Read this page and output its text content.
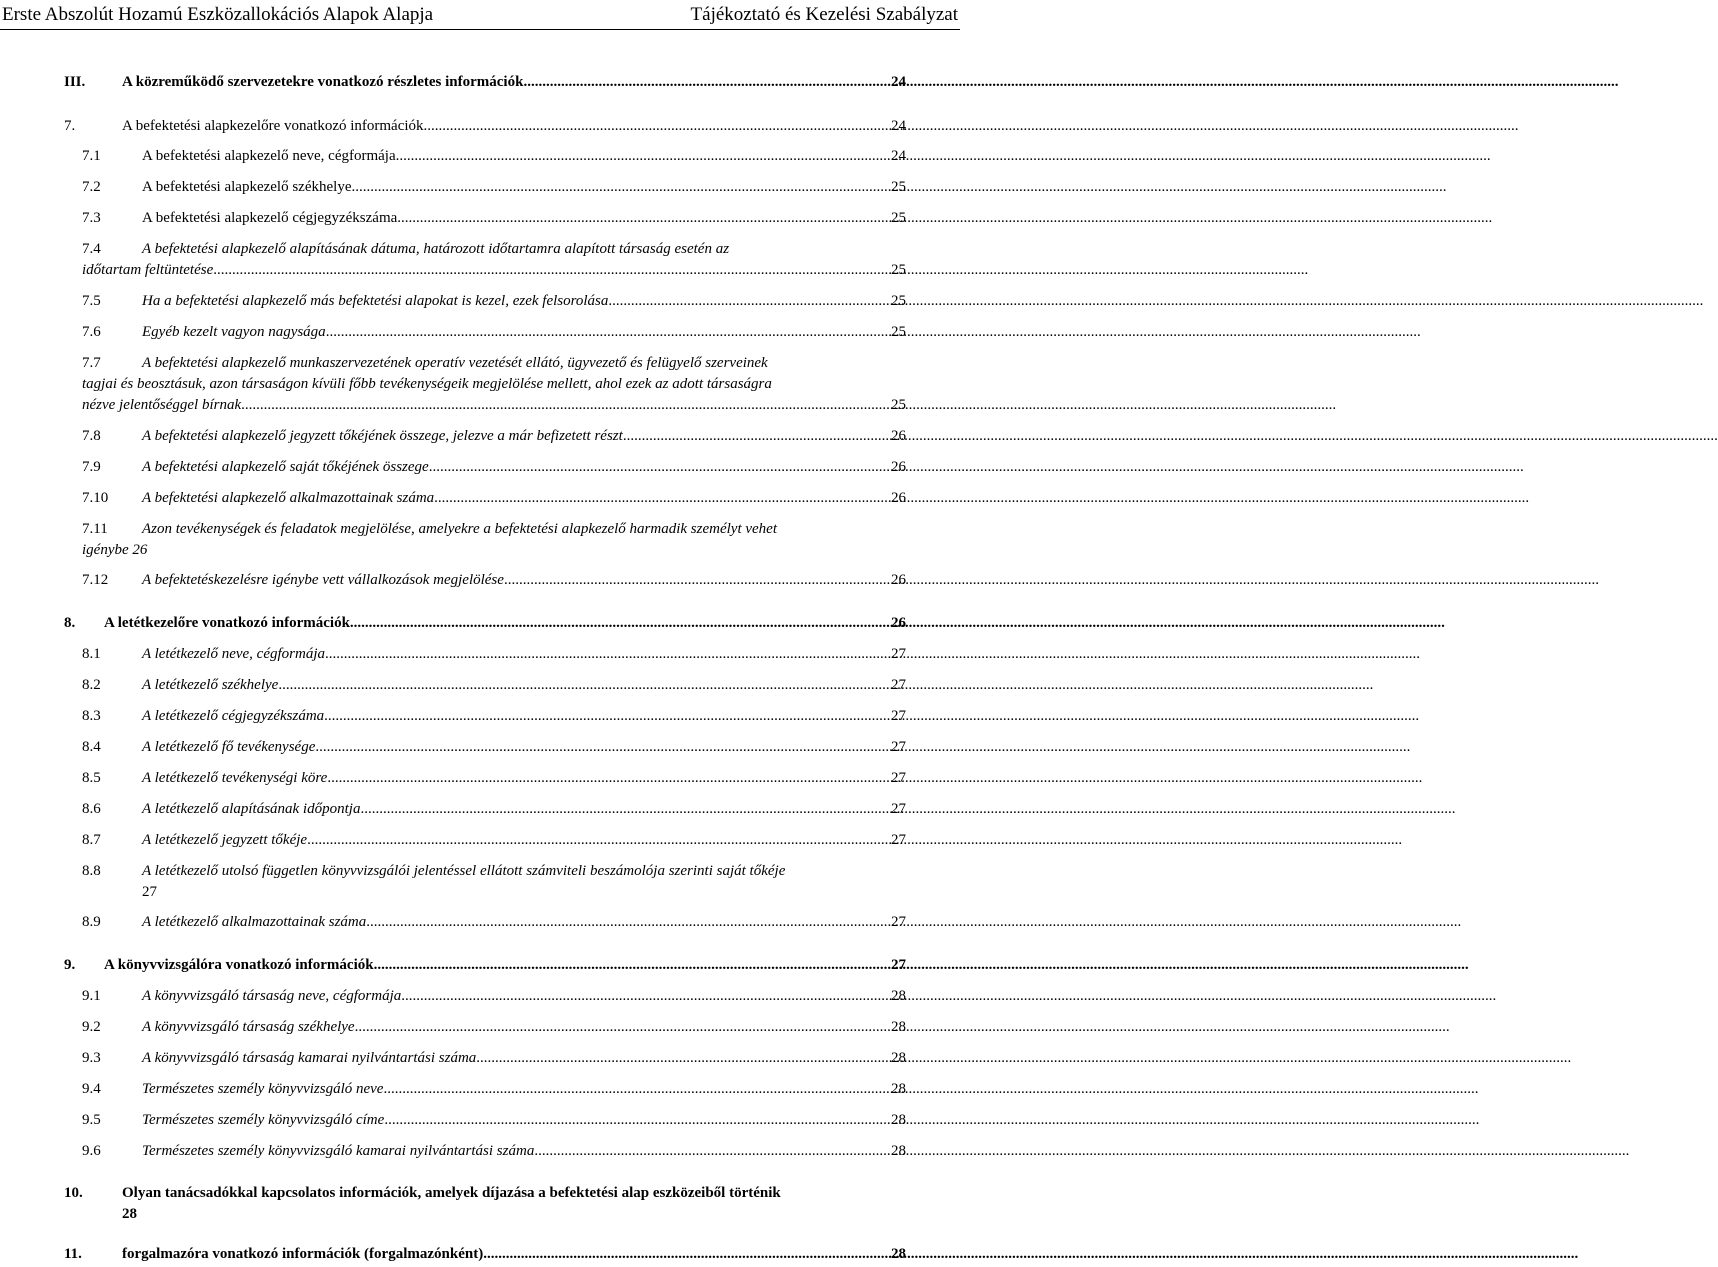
Erste Abszolút Hozamú Eszközallokációs Alapok Alapja	Tájékoztató és Kezelési Szabályzat
III. A közreműködő szervezetekre vonatkozó részletes információk .....	24
7.	A befektetési alapkezelőre vonatkozó információk .....	24
7.1	A befektetési alapkezelő neve, cégformája .....	24
7.2	A befektetési alapkezelő székhelye .....	25
7.3	A befektetési alapkezelő cégjegyzékszáma .....	25
7.4	A befektetési alapkezelő alapításának dátuma, határozott időtartamra alapított társaság esetén az
időtartam feltüntetése .....	25
7.5	Ha a befektetési alapkezelő más befektetési alapokat is kezel, ezek felsorolása .....	25
7.6	Egyéb kezelt vagyon nagysága .....	25
7.7	A befektetési alapkezelő munkaszervezetének operatív vezetését ellátó, ügyvezető és felügyelő szerveinek
tagjai és beosztásuk, azon társaságon kívüli főbb tevékenységeik megjelölése mellett, ahol ezek az adott társaságra
nézve jelentőséggel bírnak .....	25
7.8	A befektetési alapkezelő jegyzett tőkéjének összege, jelezve a már befizetett részt .....	26
7.9	A befektetési alapkezelő saját tőkéjének összege .....	26
7.10 A befektetési alapkezelő alkalmazottainak száma .....	26
7.11 Azon tevékenységek és feladatok megjelölése, amelyekre a befektetési alapkezelő harmadik személyt vehet
igénybe 26
7.12 A befektetéskezelésre igénybe vett vállalkozások megjelölése .....	26
8. A letétkezelőre vonatkozó információk .....	26
8.1	A letétkezelő neve, cégformája .....	27
8.2	A letétkezelő székhelye .....	27
8.3	A letétkezelő cégjegyzékszáma .....	27
8.4	A letétkezelő fő tevékenysége .....	27
8.5	A letétkezelő tevékenységi köre .....	27
8.6	A letétkezelő alapításának időpontja .....	27
8.7	A letétkezelő jegyzett tőkéje .....	27
8.8	A letétkezelő utolsó független könyvvizsgálói jelentéssel ellátott számviteli beszámolója szerinti saját tőkéje
27
8.9	A letétkezelő alkalmazottainak száma .....	27
9. A könyvvizsgálóra vonatkozó információk .....	27
9.1	A könyvvizsgáló társaság neve, cégformája .....	28
9.2	A könyvvizsgáló társaság székhelye .....	28
9.3	A könyvvizsgáló társaság kamarai nyilvántartási száma .....	28
9.4	Természetes személy könyvvizsgáló neve .....	28
9.5	Természetes személy könyvvizsgáló címe .....	28
9.6	Természetes személy könyvvizsgáló kamarai nyilvántartási száma .....	28
10.	Olyan tanácsadókkal kapcsolatos információk, amelyek díjazása a befektetési alap eszközeiből történik
28
11.	forgalmazóra vonatkozó információk (forgalmazónként) .....	28
